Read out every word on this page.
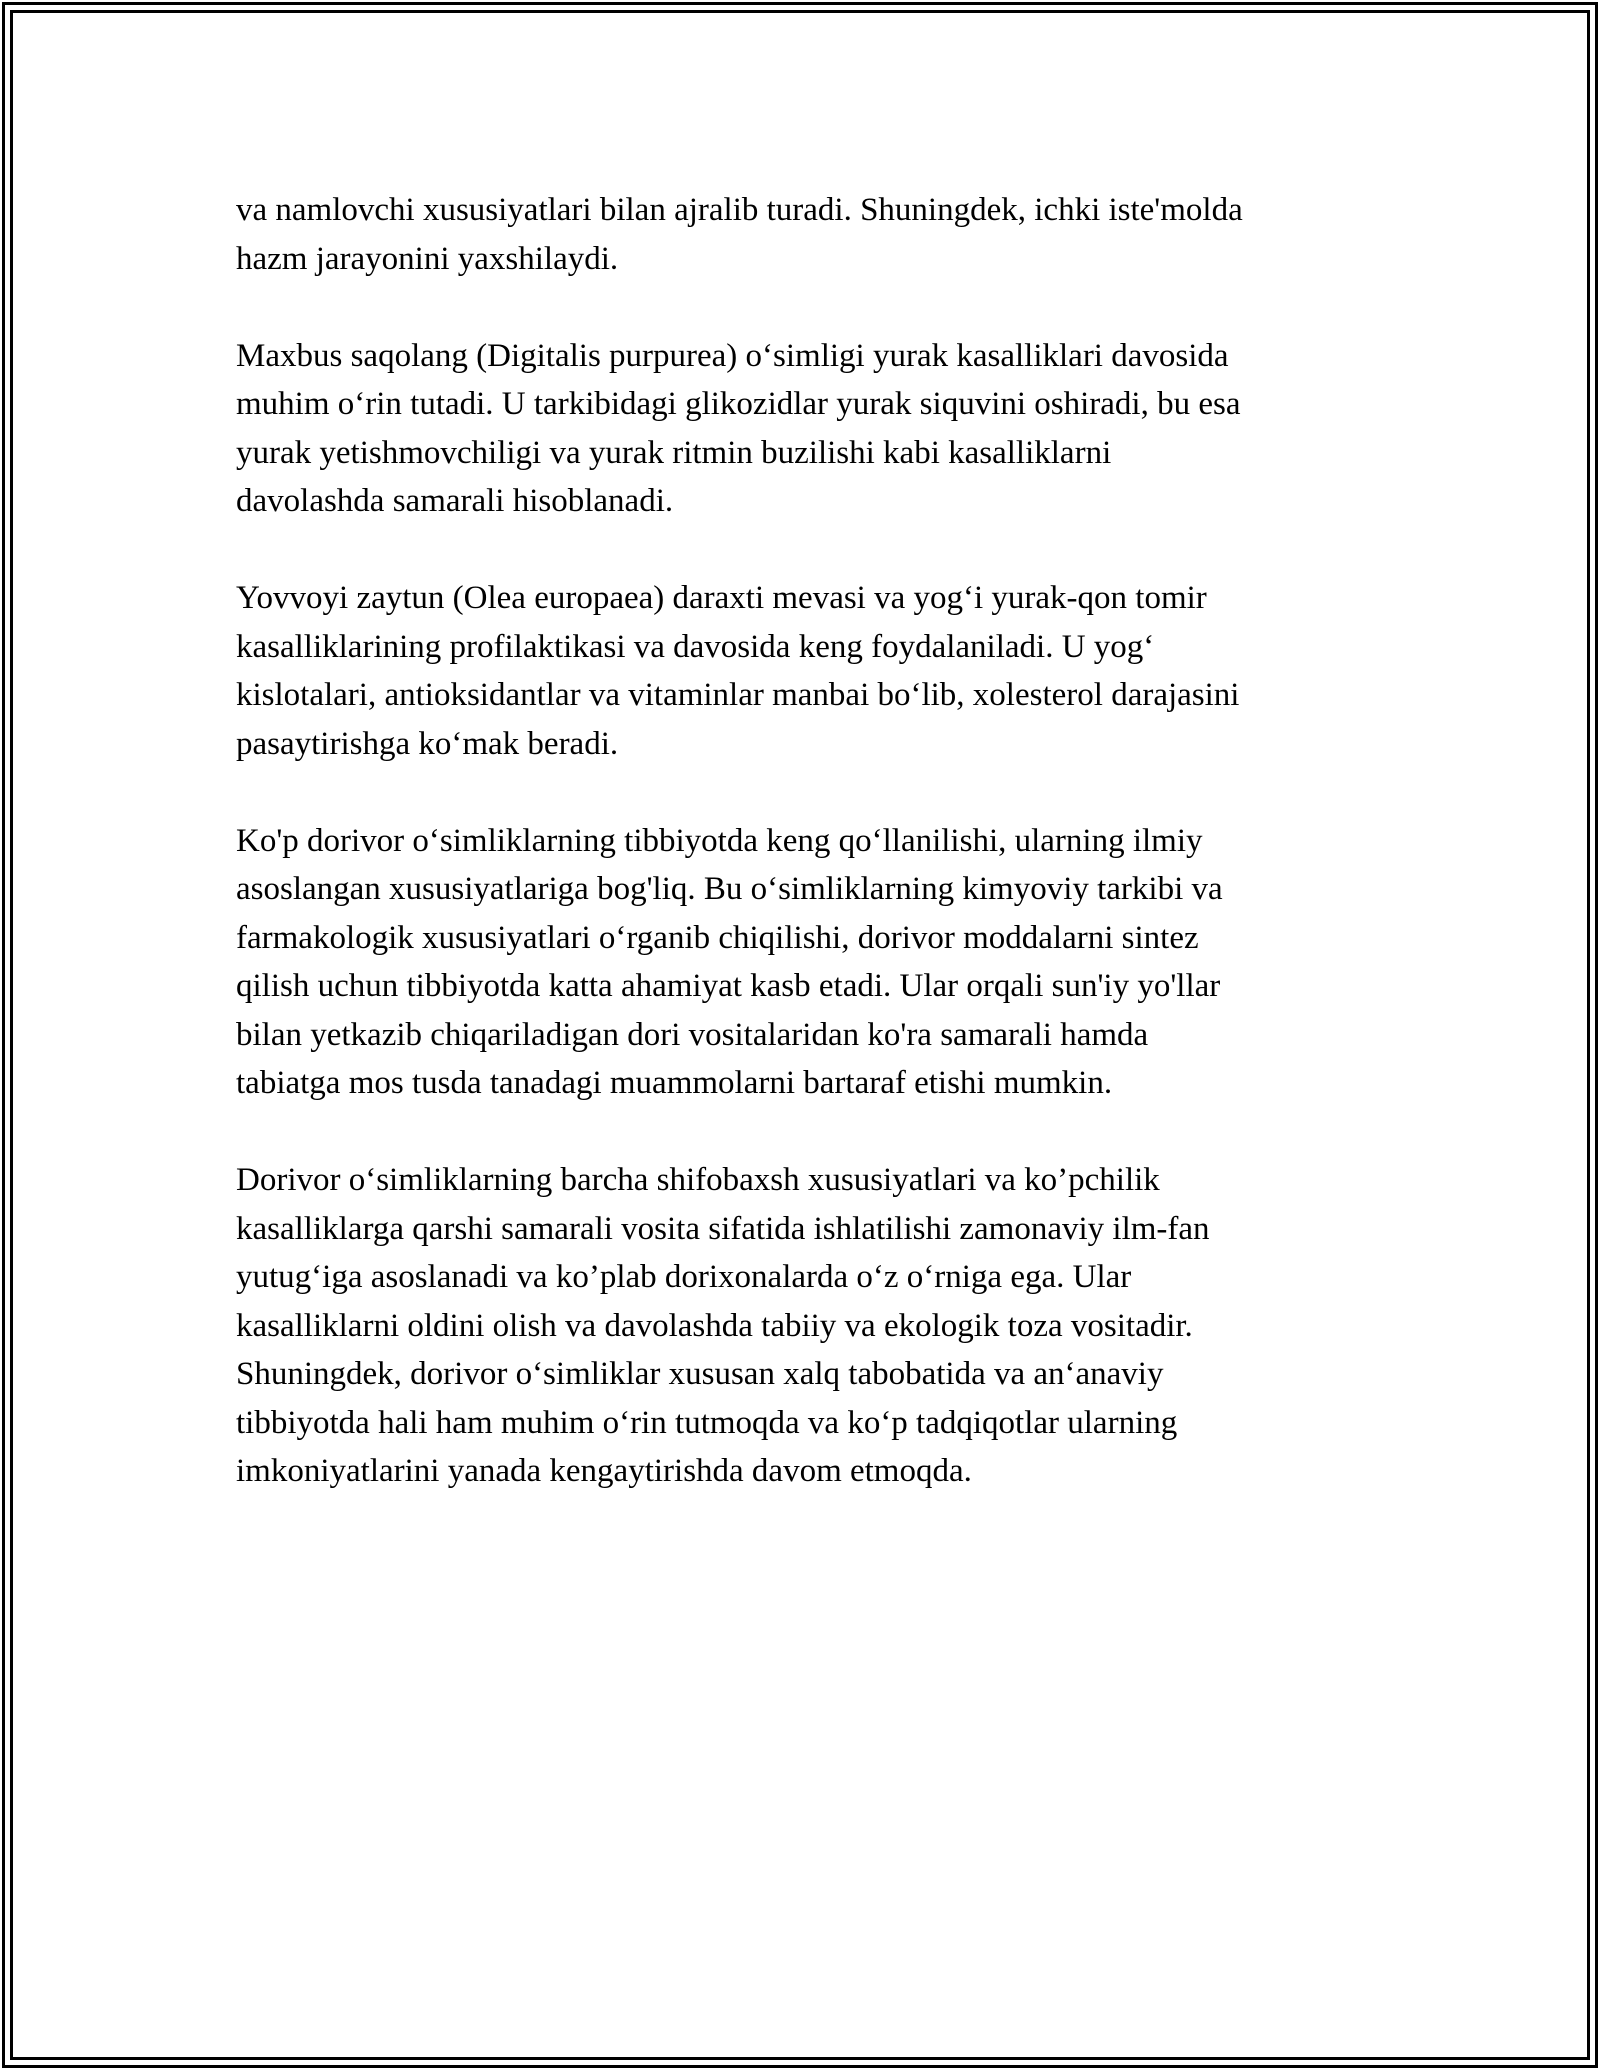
va namlovchi xususiyatlari bilan ajralib turadi. Shuningdek, ichki iste'molda
hazm jarayonini yaxshilaydi.

Maxbus saqolang (Digitalis purpurea) o‘simligi yurak kasalliklari davosida
muhim o‘rin tutadi. U tarkibidagi glikozidlar yurak siquvini oshiradi, bu esa
yurak yetishmovchiligi va yurak ritmin buzilishi kabi kasalliklarni
davolashda samarali hisoblanadi.

Yovvoyi zaytun (Olea europaea) daraxti mevasi va yog‘i yurak-qon tomir
kasalliklarining profilaktikasi va davosida keng foydalaniladi. U yog‘
kislotalari, antioksidantlar va vitaminlar manbai bo‘lib, xolesterol darajasini
pasaytirishga ko‘mak beradi.

Ko'p dorivor o‘simliklarning tibbiyotda keng qo‘llanilishi, ularning ilmiy
asoslangan xususiyatlariga bog'liq. Bu o‘simliklarning kimyoviy tarkibi va
farmakologik xususiyatlari o‘rganib chiqilishi, dorivor moddalarni sintez
qilish uchun tibbiyotda katta ahamiyat kasb etadi. Ular orqali sun'iy yo'llar
bilan yetkazib chiqariladigan dori vositalaridan ko'ra samarali hamda
tabiatga mos tusda tanadagi muammolarni bartaraf etishi mumkin.

Dorivor o‘simliklarning barcha shifobaxsh xususiyatlari va ko’pchilik
kasalliklarga qarshi samarali vosita sifatida ishlatilishi zamonaviy ilm-fan
yutug‘iga asoslanadi va ko’plab dorixonalarda o‘z o‘rniga ega. Ular
kasalliklarni oldini olish va davolashda tabiiy va ekologik toza vositadir.
Shuningdek, dorivor o‘simliklar xususan xalq tabobatida va an‘anaviy
tibbiyotda hali ham muhim o‘rin tutmoqda va ko‘p tadqiqotlar ularning
imkoniyatlarini yanada kengaytirishda davom etmoqda.
